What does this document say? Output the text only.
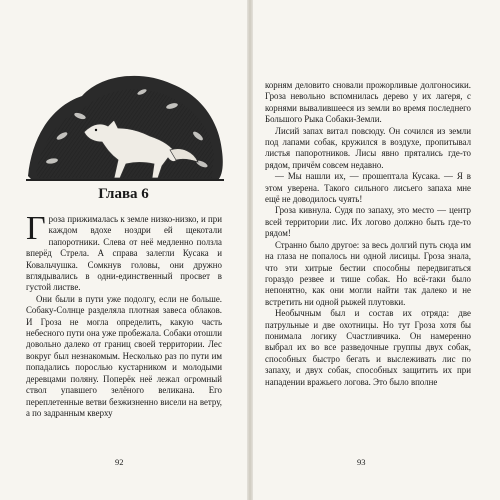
Глава 6

Гроза прижималась к земле низко-низко, и при каждом вдохе ноздри ей щекотали папоротники. Слева от неё медленно ползла вперёд Стрела. А справа залегли Кусака и Ковальчушка. Сомкнув головы, они дружно вглядывались в одни-единственный просвет в густой листве.

Они были в пути уже подолгу, если не больше. Собаку-Солнце разделяла плотная завеса облаков. И Гроза не могла определить, какую часть небесного пути она уже пробежала. Собаки отошли довольно далеко от границ своей территории. Лес вокруг был незнакомым. Несколько раз по пути им попадались порослью кустарником и молодыми деревцами поляну. Поперёк неё лежал огромный ствол упавшего зелёного великана. Его переплетенные ветви безжизненно висели на ветру, а по задранным кверху

92

корням деловито сновали прожорливые долгоносики. Гроза невольно вспомнилась дерево у их лагеря, с корнями вывалившееся из земли во время последнего Большого Рыка Собаки-Земли.

Лисий запах витал повсюду. Он сочился из земли под лапами собак, кружился в воздухе, пропитывал листья папоротников. Лисы явно прятались где-то рядом, причём совсем недавно.

— Мы нашли их, — прошептала Кусака. — Я в этом уверена. Такого сильного лисьего запаха мне ещё не доводилось чуять!

Гроза кивнула. Судя по запаху, это место — центр всей территории лис. Их логово должно быть где-то рядом!

Странно было другое: за весь долгий путь сюда им на глаза не попалось ни одной лисицы. Гроза знала, что эти хитрые бестии способны передвигаться гораздо резвее и тише собак. Но всё-таки было непонятно, как они могли найти так далеко и не встретить ни одной рыжей плутовки.

Необычным был и состав их отряда: две патрульные и две охотницы. Но тут Гроза хотя бы понимала логику Счастливчика. Он намеренно выбрал их во все разведочные группы двух собак, способных быстро бегать и выслеживать лис по запаху, и двух собак, способных защитить их при нападении вражьего логова. Это было вполне

93
